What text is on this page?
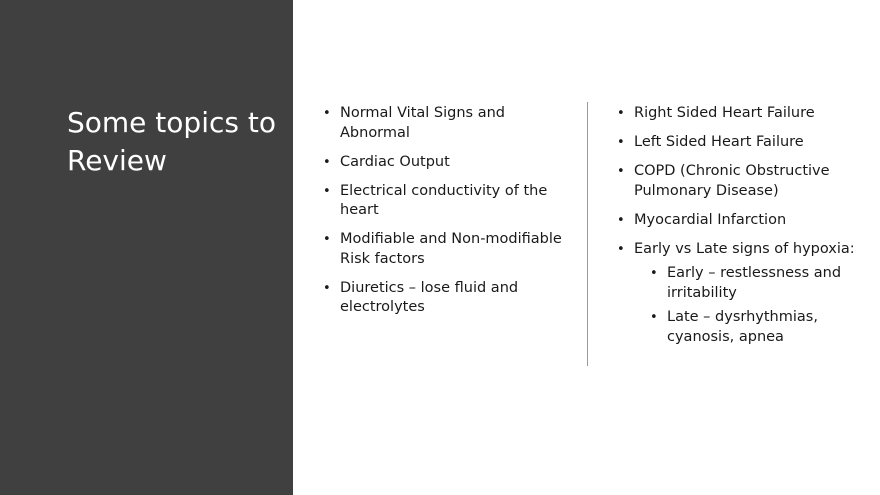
Some topics to Review
• Normal Vital Signs and Abnormal
• Cardiac Output
• Electrical conductivity of the heart
• Modifiable and Non-modifiable Risk factors
• Diuretics – lose fluid and electrolytes
• Right Sided Heart Failure
• Left Sided Heart Failure
• COPD (Chronic Obstructive Pulmonary Disease)
• Myocardial Infarction
• Early vs Late signs of hypoxia:
• Early – restlessness and irritability
• Late – dysrhythmias, cyanosis, apnea
